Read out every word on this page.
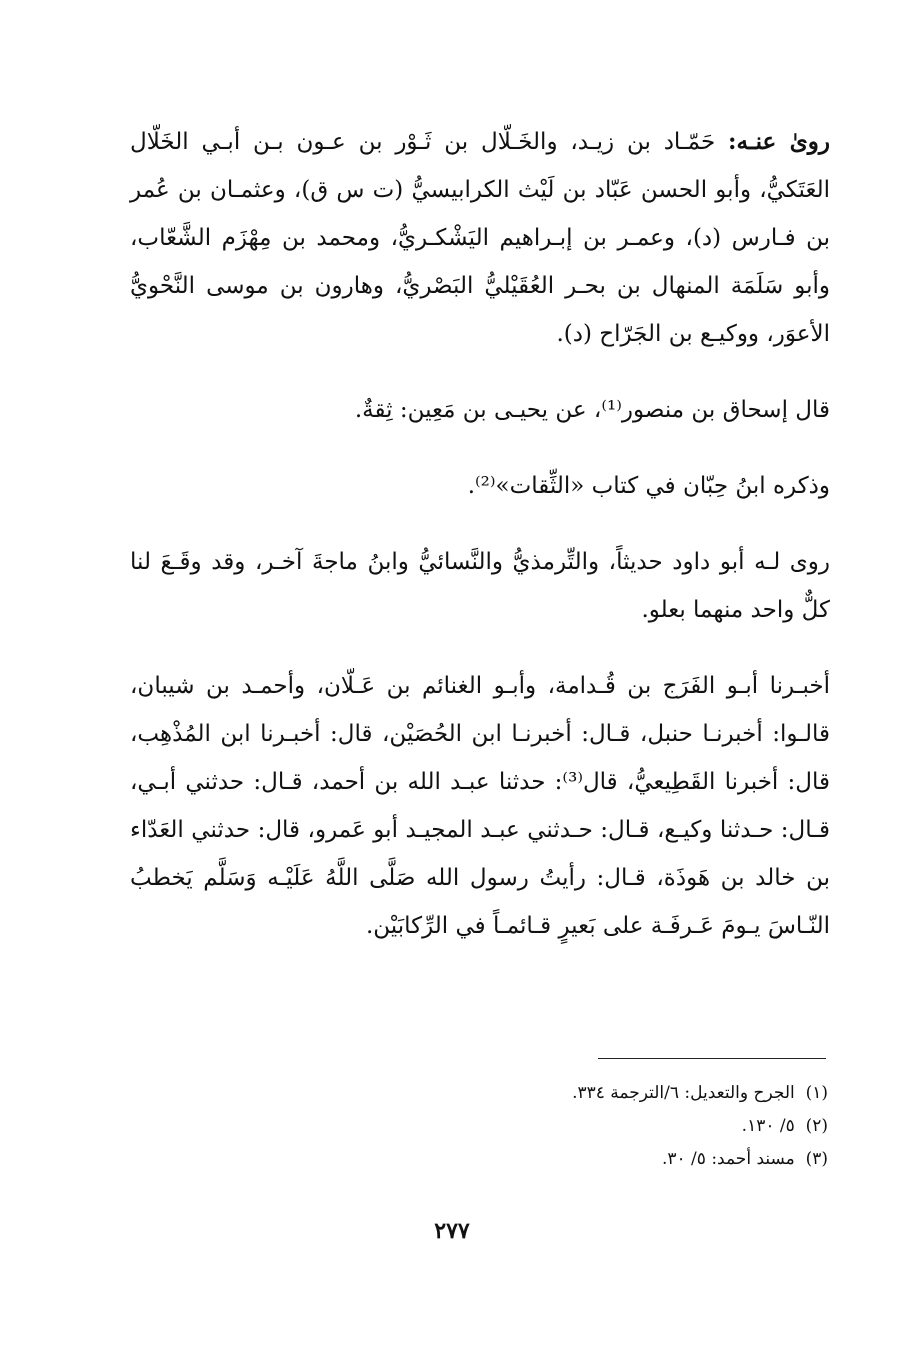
روىٰ عنـه: حَمّـاد بن زيـد، والخَـلّال بن ثَـوْر بن عـون بـن أبـي الخَلّال العَتَكيُّ، وأبو الحسن عَبّاد بن لَيْث الكرابيسيُّ (ت س ق)، وعثمـان بن عُمر بن فـارس (د)، وعمـر بن إبـراهيم اليَشْكـريُّ، ومحمد بن مِهْزَم الشَّعّاب، وأبو سَلَمَة المنهال بن بحـر العُقَيْليُّ البَصْريُّ، وهارون بن موسى النَّحْويُّ الأعوَر، ووكيـع بن الجَرّاح (د).

قال إسحاق بن منصور⁽¹⁾، عن يحيـى بن مَعِين: ثِقةٌ.

وذكره ابنُ حِبّان في كتاب «الثِّقات»⁽²⁾.

روى لـه أبو داود حديثاً، والتِّرمذيُّ والنَّسائيُّ وابنُ ماجةَ آخـر، وقد وقَـعَ لنا كلٌّ واحد منهما بعلو.

أخبـرنا أبـو الفَرَج بن قُـدامة، وأبـو الغنائم بن عَـلّان، وأحمـد بن شيبان، قالـوا: أخبرنـا حنبل، قـال: أخبرنـا ابن الحُصَيْن، قال: أخبـرنا ابن المُذْهِب، قال: أخبرنا القَطِيعيُّ، قال⁽³⁾: حدثنا عبـد الله بن أحمد، قـال: حدثني أبـي، قـال: حـدثنا وكيـع، قـال: حـدثني عبـد المجيـد أبو عَمرو، قال: حدثني العَدّاء بن خالد بن هَوذَة، قـال: رأيتُ رسول الله صَلَّى اللَّهُ عَلَيْـه وَسَلَّم يَخطبُ النّـاسَ يـومَ عَـرفَـة على بَعيرٍ قـائمـاً في الرِّكابَيْن.

(١)  الجرح والتعديل: ٦/الترجمة ٣٣٤.

(٢)  ٥/ ١٣٠.

(٣)  مسند أحمد: ٥/ ٣٠.

٢٧٧
